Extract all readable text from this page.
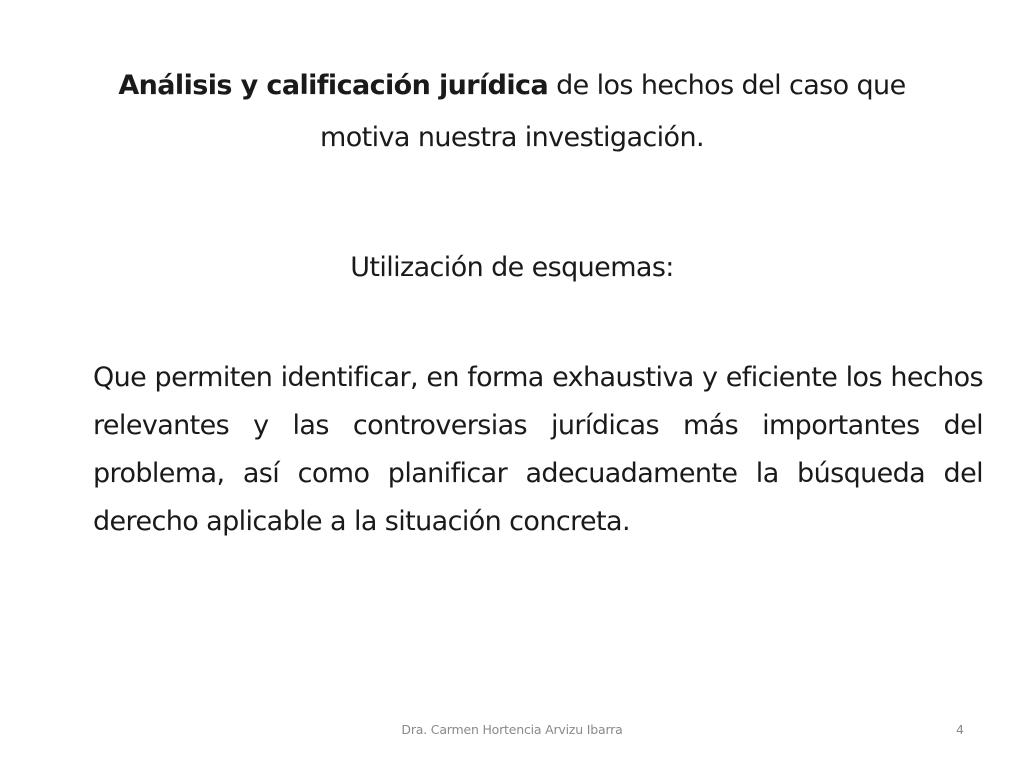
Análisis y calificación jurídica de los hechos del caso que
motiva nuestra investigación.
Utilización de esquemas:
Que permiten identificar, en forma exhaustiva y eficiente los hechos relevantes y las controversias jurídicas más importantes del problema, así como planificar adecuadamente la búsqueda del derecho aplicable a la situación concreta.
Dra. Carmen Hortencia Arvizu Ibarra	4
